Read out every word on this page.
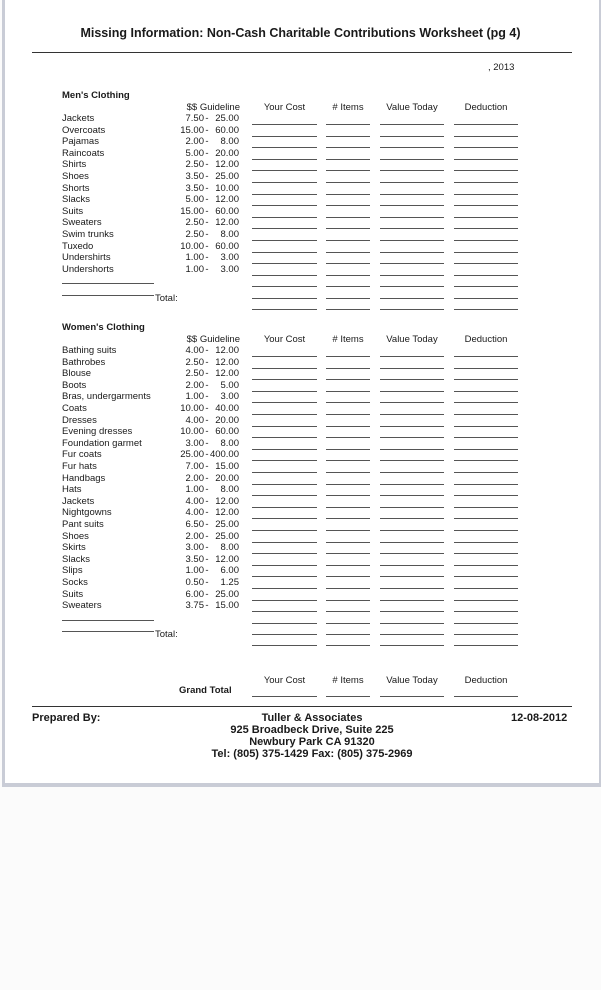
Missing Information: Non-Cash Charitable Contributions Worksheet (pg 4)
, 2013
Men's Clothing
$$ Guideline	Your Cost	# Items	Value Today	Deduction
Jackets	7.50 - 25.00
Overcoats	15.00 - 60.00
Pajamas	2.00 -	8.00
Raincoats	5.00 - 20.00
Shirts	2.50 - 12.00
Shoes	3.50 - 25.00
Shorts	3.50 - 10.00
Slacks	5.00 - 12.00
Suits	15.00 - 60.00
Sweaters	2.50 - 12.00
Swim trunks	2.50 -	8.00
Tuxedo	10.00 - 60.00
Undershirts	1.00 -	3.00
Undershorts	1.00 -	3.00
Total:
Women's Clothing
$$ Guideline	Your Cost	# Items	Value Today	Deduction
Bathing suits	4.00 - 12.00
Bathrobes	2.50 - 12.00
Blouse	2.50 - 12.00
Boots	2.00 -	5.00
Bras, undergarments	1.00 -	3.00
Coats	10.00 - 40.00
Dresses	4.00 - 20.00
Evening dresses	10.00 - 60.00
Foundation garmet	3.00 -	8.00
Fur coats	25.00 - 400.00
Fur hats	7.00 - 15.00
Handbags	2.00 - 20.00
Hats	1.00 -	8.00
Jackets	4.00 - 12.00
Nightgowns	4.00 - 12.00
Pant suits	6.50 - 25.00
Shoes	2.00 - 25.00
Skirts	3.00 -	8.00
Slacks	3.50 - 12.00
Slips	1.00 -	6.00
Socks	0.50 -	1.25
Suits	6.00 - 25.00
Sweaters	3.75 - 15.00
Total:
Your Cost	# Items	Value Today	Deduction
Grand Total
Prepared By:	12-08-2012
Tuller & Associates
925 Broadbeck Drive, Suite 225
Newbury Park CA 91320
Tel: (805) 375-1429 Fax: (805) 375-2969
